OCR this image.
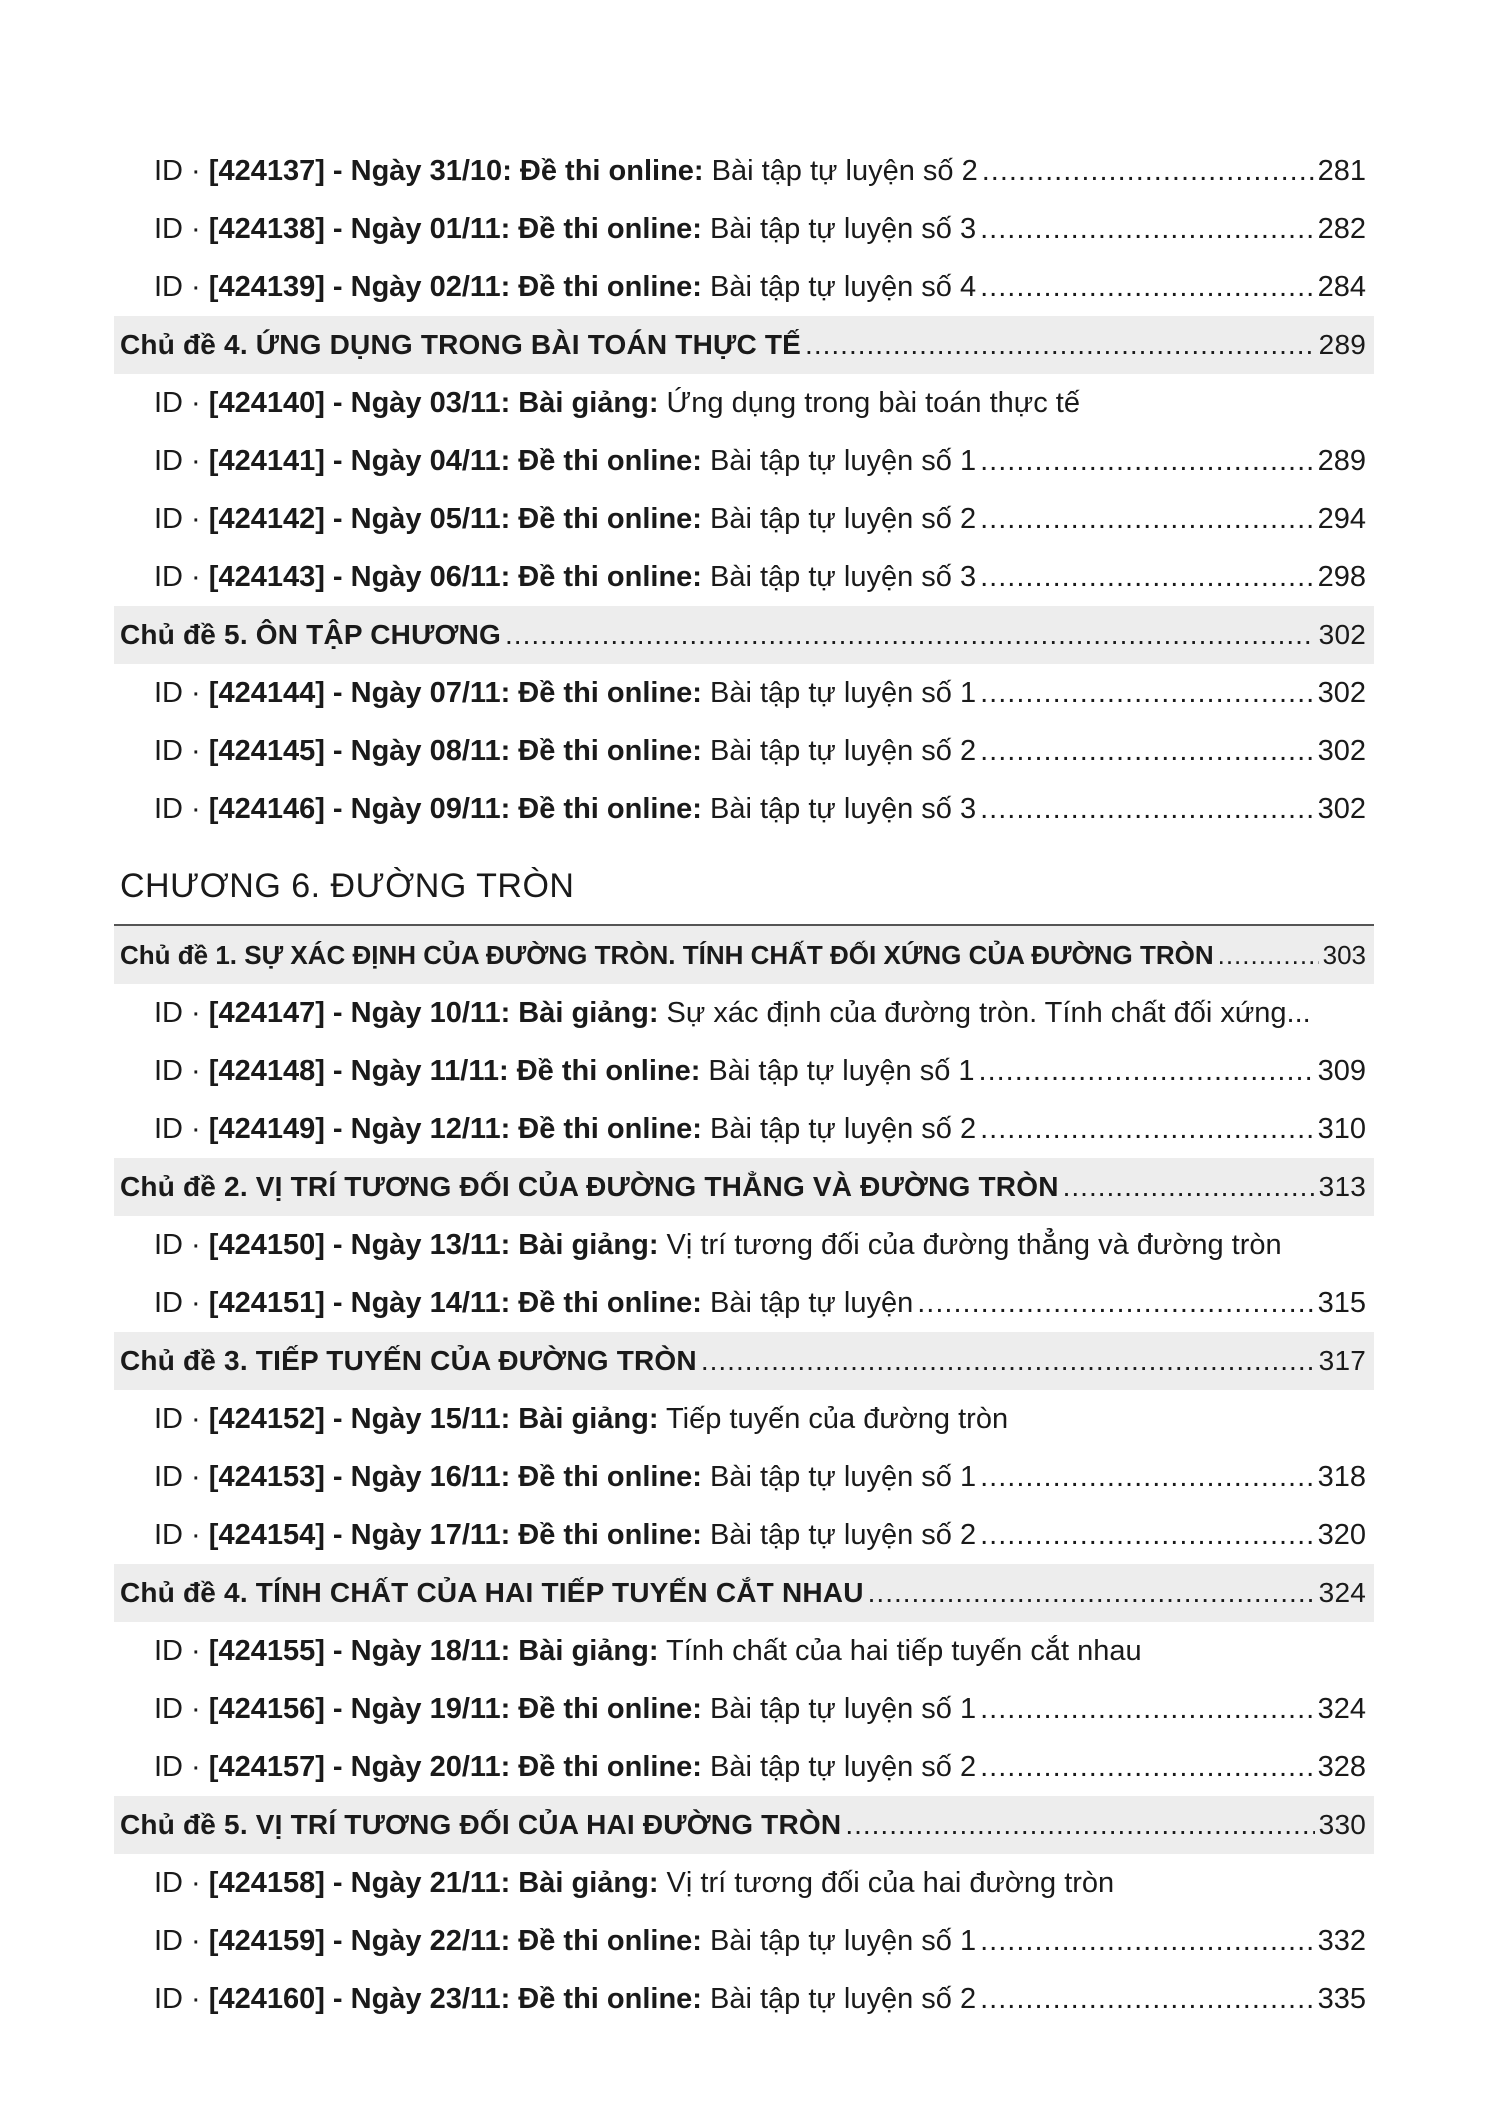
ID · [424137] - Ngày 31/10: Đề thi online: Bài tập tự luyện số 2 .....	281
ID · [424138] - Ngày 01/11: Đề thi online: Bài tập tự luyện số 3 .....	282
ID · [424139] - Ngày 02/11: Đề thi online: Bài tập tự luyện số 4 .....	284
Chủ đề 4. ỨNG DỤNG TRONG BÀI TOÁN THỰC TẾ .....	289
ID · [424140] - Ngày 03/11: Bài giảng: Ứng dụng trong bài toán thực tế
ID · [424141] - Ngày 04/11: Đề thi online: Bài tập tự luyện số 1 .....	289
ID · [424142] - Ngày 05/11: Đề thi online: Bài tập tự luyện số 2 .....	294
ID · [424143] - Ngày 06/11: Đề thi online: Bài tập tự luyện số 3 .....	298
Chủ đề 5. ÔN TẬP CHƯƠNG .....	302
ID · [424144] - Ngày 07/11: Đề thi online: Bài tập tự luyện số 1 .....	302
ID · [424145] - Ngày 08/11: Đề thi online: Bài tập tự luyện số 2 .....	302
ID · [424146] - Ngày 09/11: Đề thi online: Bài tập tự luyện số 3 .....	302
CHƯƠNG 6. ĐƯỜNG TRÒN
Chủ đề 1. SỰ XÁC ĐỊNH CỦA ĐƯỜNG TRÒN. TÍNH CHẤT ĐỐI XỨNG CỦA ĐƯỜNG TRÒN .....	303
ID · [424147] - Ngày 10/11: Bài giảng: Sự xác định của đường tròn. Tính chất đối xứng...
ID · [424148] - Ngày 11/11: Đề thi online: Bài tập tự luyện số 1 .....	309
ID · [424149] - Ngày 12/11: Đề thi online: Bài tập tự luyện số 2 .....	310
Chủ đề 2. VỊ TRÍ TƯƠNG ĐỐI CỦA ĐƯỜNG THẲNG VÀ ĐƯỜNG TRÒN .....	313
ID · [424150] - Ngày 13/11: Bài giảng: Vị trí tương đối của đường thẳng và đường tròn
ID · [424151] - Ngày 14/11: Đề thi online: Bài tập tự luyện .....	315
Chủ đề 3. TIẾP TUYẾN CỦA ĐƯỜNG TRÒN .....	317
ID · [424152] - Ngày 15/11: Bài giảng: Tiếp tuyến của đường tròn
ID · [424153] - Ngày 16/11: Đề thi online: Bài tập tự luyện số 1 .....	318
ID · [424154] - Ngày 17/11: Đề thi online: Bài tập tự luyện số 2 .....	320
Chủ đề 4. TÍNH CHẤT CỦA HAI TIẾP TUYẾN CẮT NHAU .....	324
ID · [424155] - Ngày 18/11: Bài giảng: Tính chất của hai tiếp tuyến cắt nhau
ID · [424156] - Ngày 19/11: Đề thi online: Bài tập tự luyện số 1 .....	324
ID · [424157] - Ngày 20/11: Đề thi online: Bài tập tự luyện số 2 .....	328
Chủ đề 5. VỊ TRÍ TƯƠNG ĐỐI CỦA HAI ĐƯỜNG TRÒN .....	330
ID · [424158] - Ngày 21/11: Bài giảng: Vị trí tương đối của hai đường tròn
ID · [424159] - Ngày 22/11: Đề thi online: Bài tập tự luyện số 1 .....	332
ID · [424160] - Ngày 23/11: Đề thi online: Bài tập tự luyện số 2 .....	335
